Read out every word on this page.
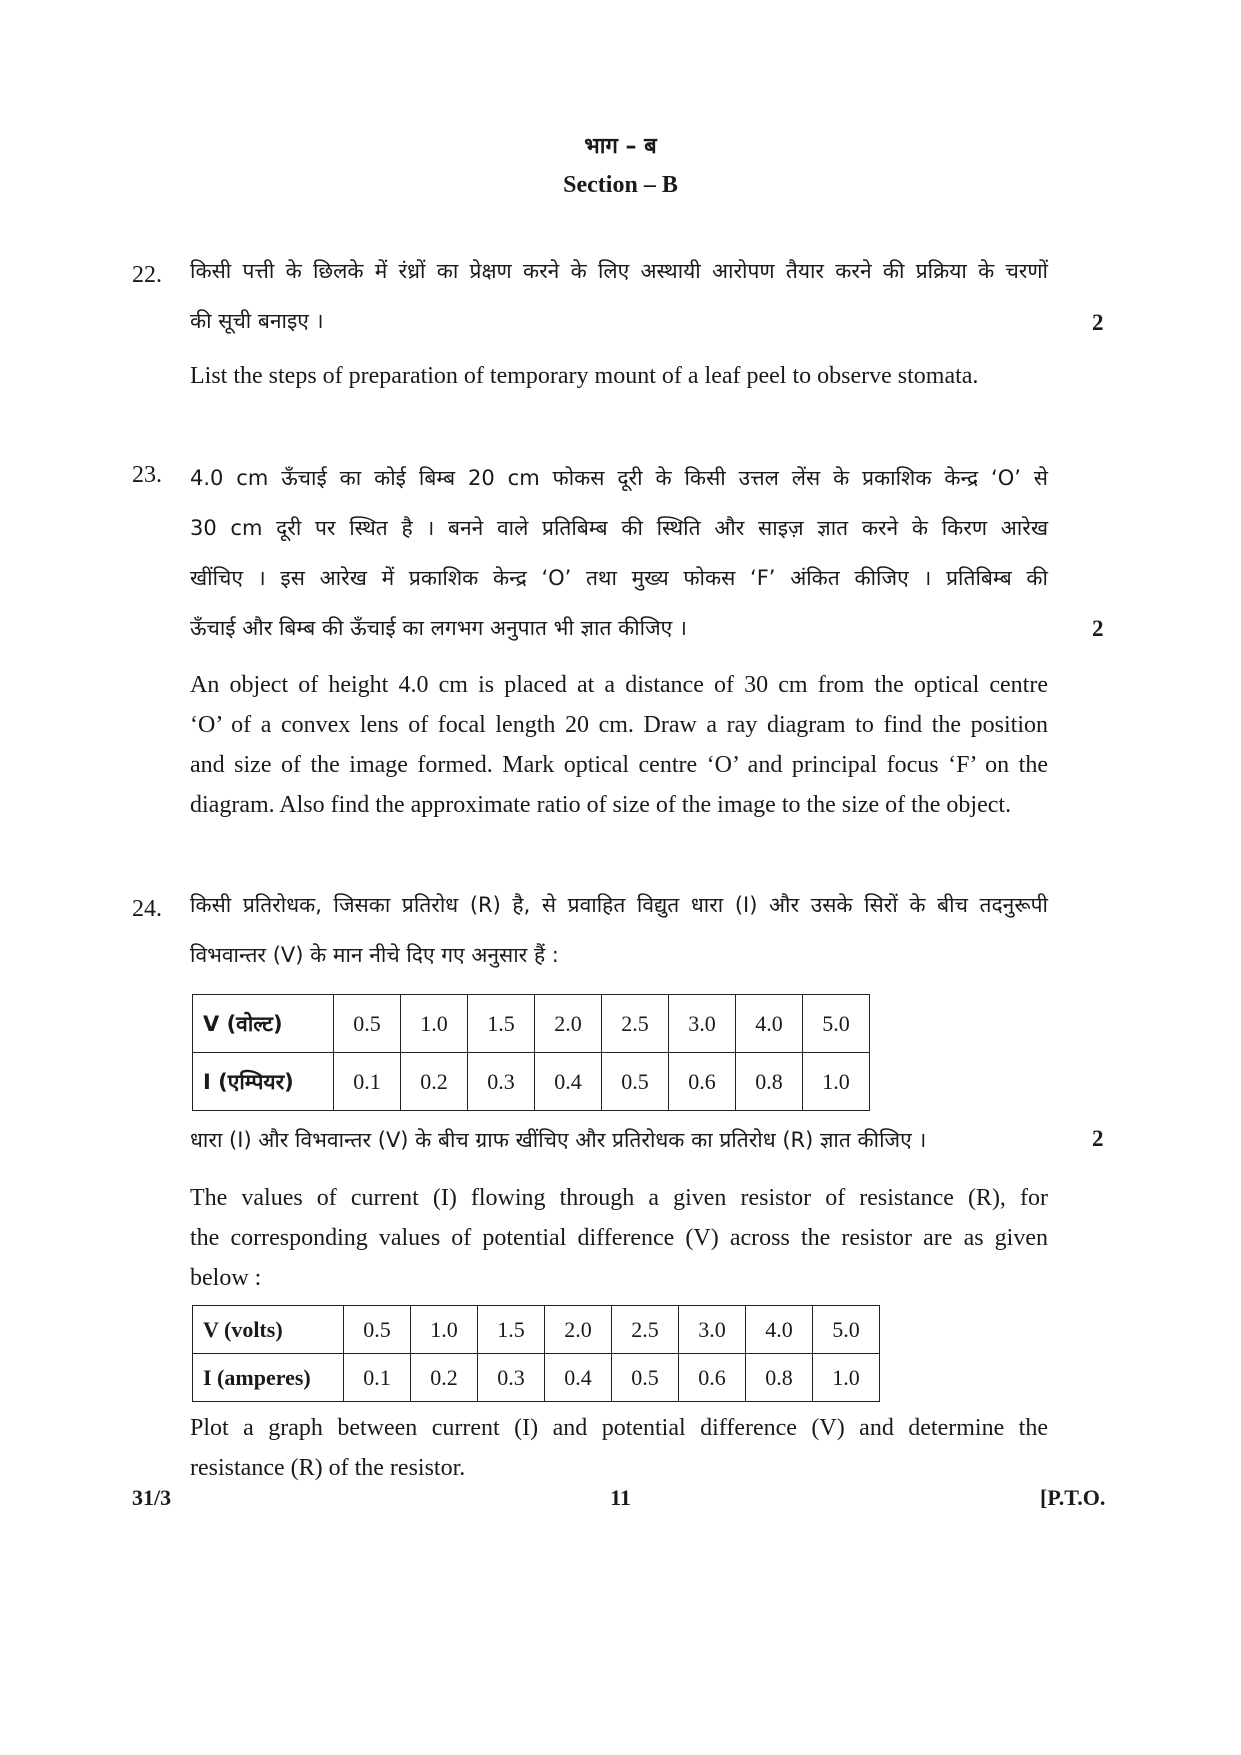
भाग – ब
Section – B
22. किसी पत्ती के छिलके में रंध्रों का प्रेक्षण करने के लिए अस्थायी आरोपण तैयार करने की प्रक्रिया के चरणों
की सूची बनाइए ।	2
List the steps of preparation of temporary mount of a leaf peel to observe stomata.
23. 4.0 cm ऊँचाई का कोई बिम्ब 20 cm फोकस दूरी के किसी उत्तल लेंस के प्रकाशिक केन्द्र ‘O’ से
30 cm दूरी पर स्थित है । बनने वाले प्रतिबिम्ब की स्थिति और साइज़ ज्ञात करने के किरण आरेख
खींचिए । इस आरेख में प्रकाशिक केन्द्र ‘O’ तथा मुख्य फोकस ‘F’ अंकित कीजिए । प्रतिबिम्ब की
ऊँचाई और बिम्ब की ऊँचाई का लगभग अनुपात भी ज्ञात कीजिए ।	2
An object of height 4.0 cm is placed at a distance of 30 cm from the optical centre
‘O’ of a convex lens of focal length 20 cm. Draw a ray diagram to find the position
and size of the image formed. Mark optical centre ‘O’ and principal focus ‘F’ on the
diagram. Also find the approximate ratio of size of the image to the size of the object.
24. किसी प्रतिरोधक, जिसका प्रतिरोध (R) है, से प्रवाहित विद्युत धारा (I) और उसके सिरों के बीच तदनुरूपी
विभवान्तर (V) के मान नीचे दिए गए अनुसार हैं :
V (वोल्ट)	0.5	1.0	1.5	2.0	2.5	3.0	4.0	5.0
I (एम्पियर)	0.1	0.2	0.3	0.4	0.5	0.6	0.8	1.0
धारा (I) और विभवान्तर (V) के बीच ग्राफ खींचिए और प्रतिरोधक का प्रतिरोध (R) ज्ञात कीजिए ।	2
The values of current (I) flowing through a given resistor of resistance (R), for
the corresponding values of potential difference (V) across the resistor are as given
below :
V (volts)	0.5	1.0	1.5	2.0	2.5	3.0	4.0	5.0
I (amperes)	0.1	0.2	0.3	0.4	0.5	0.6	0.8	1.0
Plot a graph between current (I) and potential difference (V) and determine the
resistance (R) of the resistor.
31/3	11	[P.T.O.
